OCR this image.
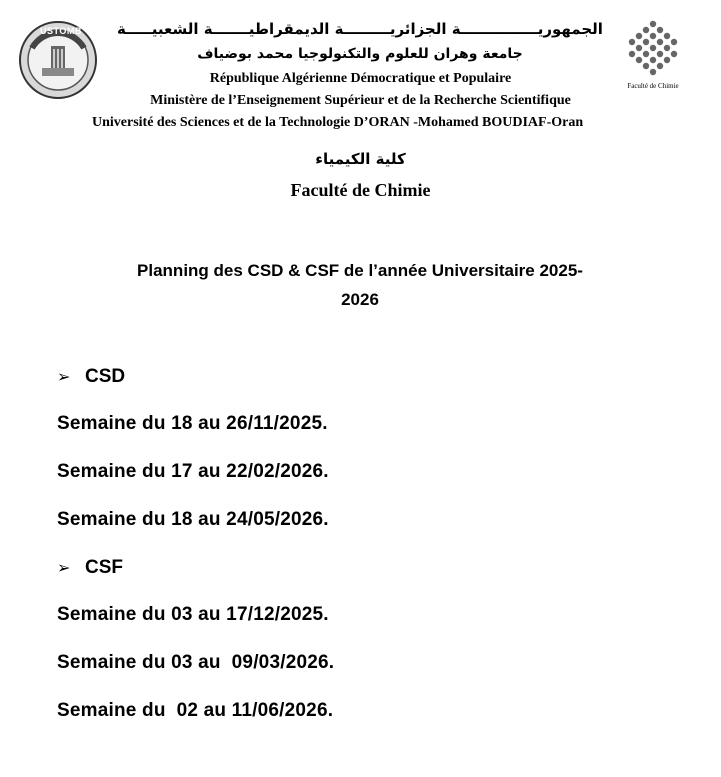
USTOMB
Faculté de Chimie
الجمهوريـــــــــــــــة الجزائريـــــــــة الديمقراطيـــــــة الشعبيـــــة
جامعة وهران للعلوم والتكنولوجيا محمد بوضياف
République Algérienne Démocratique et Populaire
Ministère de l’Enseignement Supérieur et de la Recherche Scientifique
Université des Sciences et de la Technologie D’ORAN -Mohamed BOUDIAF-Oran
كلية الكيمياء
Faculté de Chimie
Planning des CSD & CSF de l’année Universitaire 2025-
2026
➢ CSD
Semaine du 18 au 26/11/2025.
Semaine du 17 au 22/02/2026.
Semaine du 18 au 24/05/2026.
➢ CSF
Semaine du 03 au 17/12/2025.
Semaine du 03 au  09/03/2026.
Semaine du  02 au 11/06/2026.
